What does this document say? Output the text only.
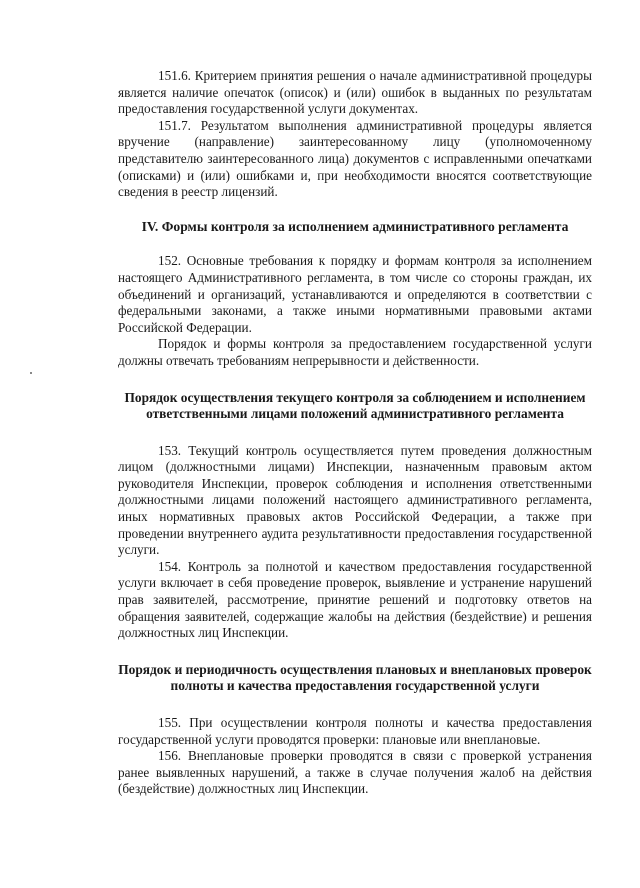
151.6. Критерием принятия решения о начале административной процедуры является наличие опечаток (описок) и (или) ошибок в выданных по результатам предоставления государственной услуги документах.

151.7. Результатом выполнения административной процедуры является вручение (направление) заинтересованному лицу (уполномоченному представителю заинтересованного лица) документов с исправленными опечатками (описками) и (или) ошибками и, при необходимости вносятся соответствующие сведения в реестр лицензий.

IV. Формы контроля за исполнением административного регламента

152. Основные требования к порядку и формам контроля за исполнением настоящего Административного регламента, в том числе со стороны граждан, их объединений и организаций, устанавливаются и определяются в соответствии с федеральными законами, а также иными нормативными правовыми актами Российской Федерации.

Порядок и формы контроля за предоставлением государственной услуги должны отвечать требованиям непрерывности и действенности.

Порядок осуществления текущего контроля за соблюдением и исполнением ответственными лицами положений административного регламента

153. Текущий контроль осуществляется путем проведения должностным лицом (должностными лицами) Инспекции, назначенным правовым актом руководителя Инспекции, проверок соблюдения и исполнения ответственными должностными лицами положений настоящего административного регламента, иных нормативных правовых актов Российской Федерации, а также при проведении внутреннего аудита результативности предоставления государственной услуги.

154. Контроль за полнотой и качеством предоставления государственной услуги включает в себя проведение проверок, выявление и устранение нарушений прав заявителей, рассмотрение, принятие решений и подготовку ответов на обращения заявителей, содержащие жалобы на действия (бездействие) и решения должностных лиц Инспекции.

Порядок и периодичность осуществления плановых и внеплановых проверок полноты и качества предоставления государственной услуги

155. При осуществлении контроля полноты и качества предоставления государственной услуги проводятся проверки: плановые или внеплановые.

156. Внеплановые проверки проводятся в связи с проверкой устранения ранее выявленных нарушений, а также в случае получения жалоб на действия (бездействие) должностных лиц Инспекции.
